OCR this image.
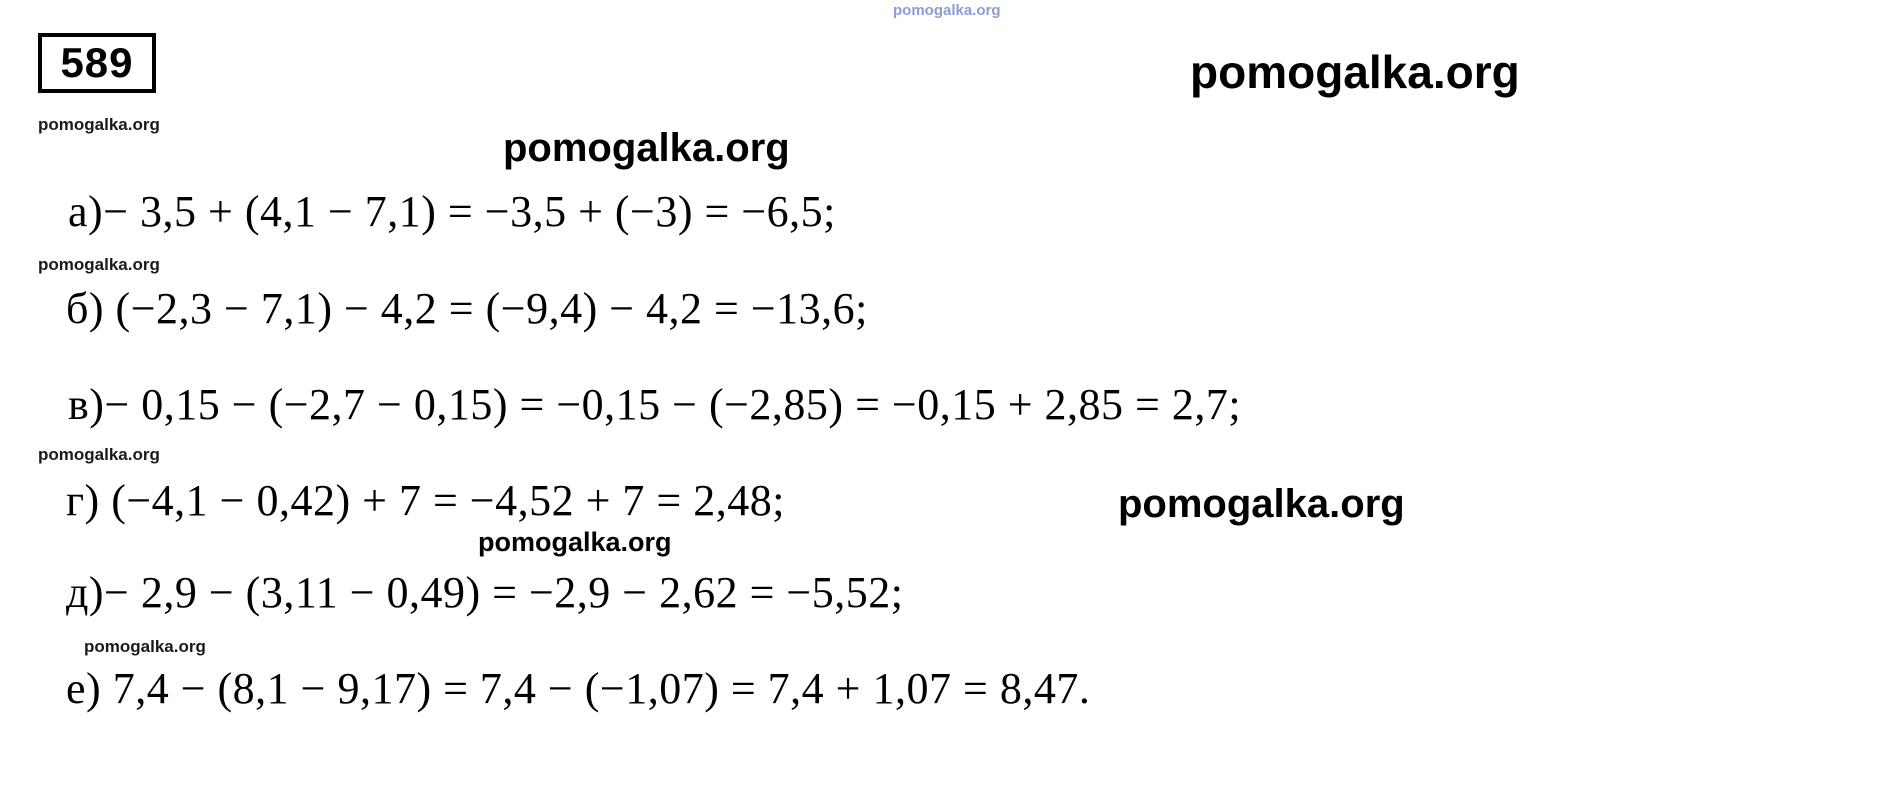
pomogalka.org
pomogalka.org
pomogalka.org
pomogalka.org
pomogalka.org
pomogalka.org
pomogalka.org
pomogalka.org
pomogalka.org
589
а)− 3,5 + (4,1 − 7,1) = −3,5 + (−3) = −6,5;
б) (−2,3 − 7,1) − 4,2 = (−9,4) − 4,2 = −13,6;
в)− 0,15 − (−2,7 − 0,15) = −0,15 − (−2,85) = −0,15 + 2,85 = 2,7;
г) (−4,1 − 0,42) + 7 = −4,52 + 7 = 2,48;
д)− 2,9 − (3,11 − 0,49) = −2,9 − 2,62 = −5,52;
е) 7,4 − (8,1 − 9,17) = 7,4 − (−1,07) = 7,4 + 1,07 = 8,47.
